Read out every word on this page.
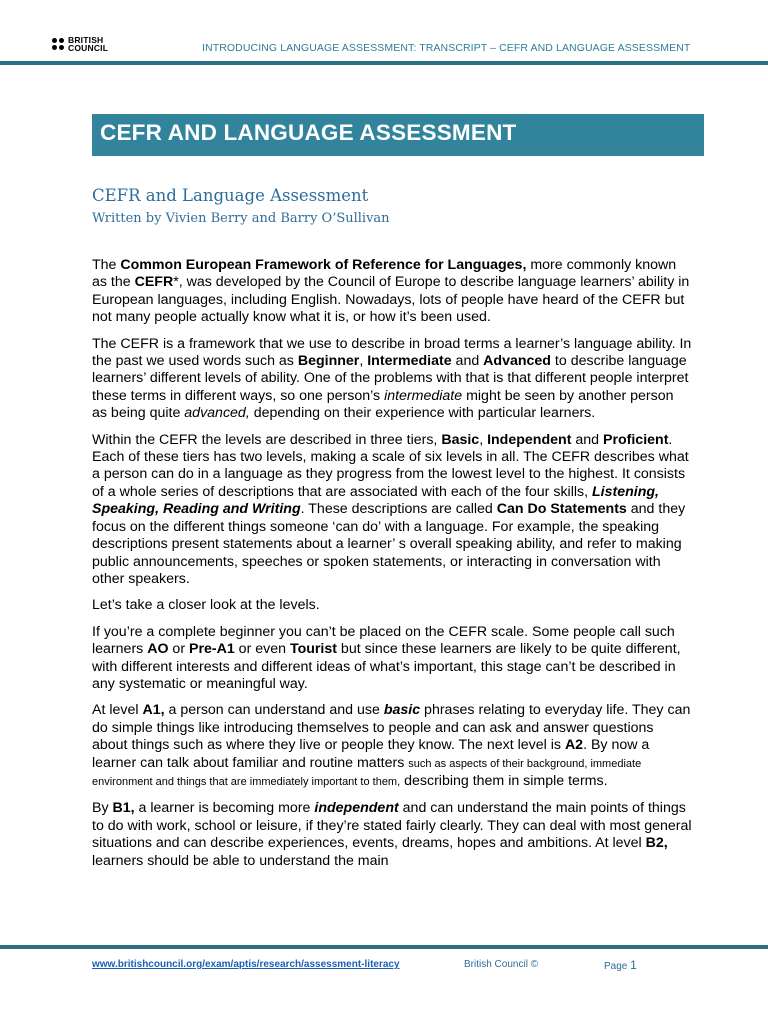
BRITISH
COUNCIL	INTRODUCING LANGUAGE ASSESSMENT: TRANSCRIPT – CEFR AND LANGUAGE ASSESSMENT
CEFR AND LANGUAGE ASSESSMENT
CEFR and Language Assessment
Written by Vivien Berry and Barry O’Sullivan

The Common European Framework of Reference for Languages, more commonly known as the CEFR*, was developed by the Council of Europe to describe language learners’ ability in European languages, including English. Nowadays, lots of people have heard of the CEFR but not many people actually know what it is, or how it’s been used.

The CEFR is a framework that we use to describe in broad terms a learner’s language ability. In the past we used words such as Beginner, Intermediate and Advanced to describe language learners’ different levels of ability. One of the problems with that is that different people interpret these terms in different ways, so one person’s intermediate might be seen by another person as being quite advanced, depending on their experience with particular learners.

Within the CEFR the levels are described in three tiers, Basic, Independent and Proficient. Each of these tiers has two levels, making a scale of six levels in all. The CEFR describes what a person can do in a language as they progress from the lowest level to the highest. It consists of a whole series of descriptions that are associated with each of the four skills, Listening, Speaking, Reading and Writing. These descriptions are called Can Do Statements and they focus on the different things someone ‘can do’ with a language. For example, the speaking descriptions present statements about a learner’ s overall speaking ability, and refer to making public announcements, speeches or spoken statements, or interacting in conversation with other speakers.

Let’s take a closer look at the levels.

If you’re a complete beginner you can’t be placed on the CEFR scale. Some people call such learners AO or Pre-A1 or even Tourist but since these learners are likely to be quite different, with different interests and different ideas of what’s important, this stage can’t be described in any systematic or meaningful way.

At level A1, a person can understand and use basic phrases relating to everyday life. They can do simple things like introducing themselves to people and can ask and answer questions about things such as where they live or people they know. The next level is A2. By now a learner can talk about familiar and routine matters such as aspects of their background, immediate environment and things that are immediately important to them, describing them in simple terms.

By B1, a learner is becoming more independent and can understand the main points of things to do with work, school or leisure, if they’re stated fairly clearly. They can deal with most general situations and can describe experiences, events, dreams, hopes and ambitions. At level B2, learners should be able to understand the main

www.britishcouncil.org/exam/aptis/research/assessment-literacy	British Council ©	Page 1
